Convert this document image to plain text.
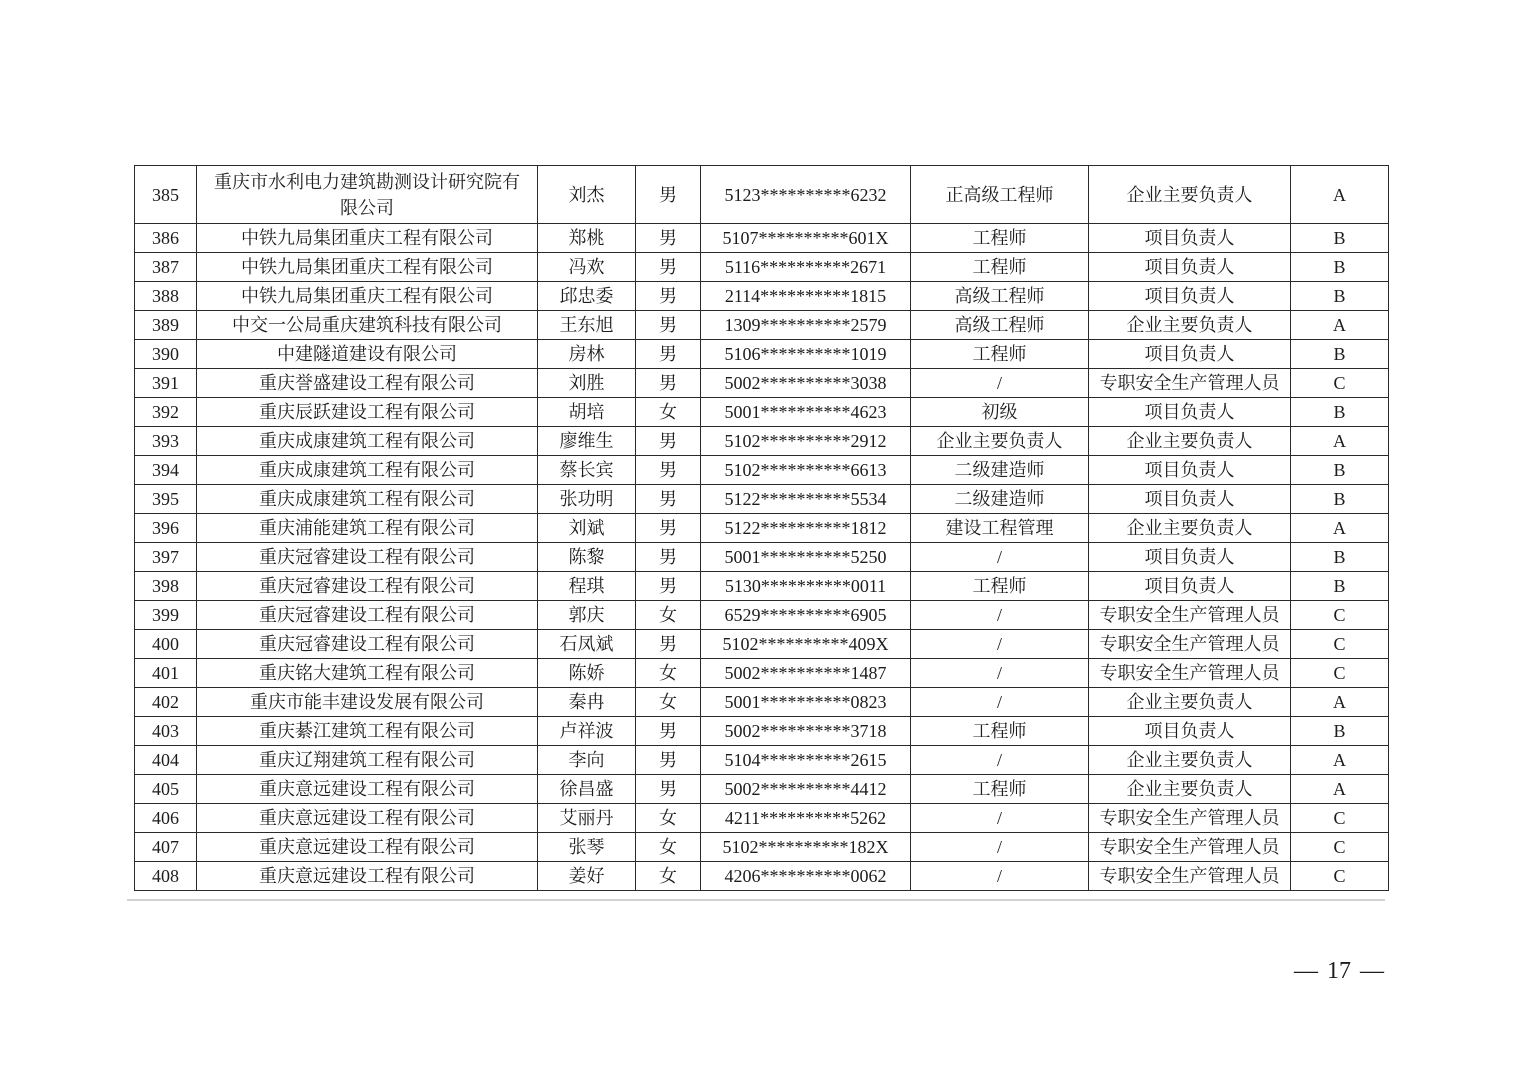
385	重庆市水利电力建筑勘测设计研究院有限公司	刘杰	男	5123**********6232	正高级工程师	企业主要负责人	A
386	中铁九局集团重庆工程有限公司	郑桃	男	5107**********601X	工程师	项目负责人	B
387	中铁九局集团重庆工程有限公司	冯欢	男	5116**********2671	工程师	项目负责人	B
388	中铁九局集团重庆工程有限公司	邱忠委	男	2114**********1815	高级工程师	项目负责人	B
389	中交一公局重庆建筑科技有限公司	王东旭	男	1309**********2579	高级工程师	企业主要负责人	A
390	中建隧道建设有限公司	房林	男	5106**********1019	工程师	项目负责人	B
391	重庆誉盛建设工程有限公司	刘胜	男	5002**********3038	/	专职安全生产管理人员	C
392	重庆辰跃建设工程有限公司	胡培	女	5001**********4623	初级	项目负责人	B
393	重庆成康建筑工程有限公司	廖维生	男	5102**********2912	企业主要负责人	企业主要负责人	A
394	重庆成康建筑工程有限公司	蔡长宾	男	5102**********6613	二级建造师	项目负责人	B
395	重庆成康建筑工程有限公司	张功明	男	5122**********5534	二级建造师	项目负责人	B
396	重庆浦能建筑工程有限公司	刘斌	男	5122**********1812	建设工程管理	企业主要负责人	A
397	重庆冠睿建设工程有限公司	陈黎	男	5001**********5250	/	项目负责人	B
398	重庆冠睿建设工程有限公司	程琪	男	5130**********0011	工程师	项目负责人	B
399	重庆冠睿建设工程有限公司	郭庆	女	6529**********6905	/	专职安全生产管理人员	C
400	重庆冠睿建设工程有限公司	石凤斌	男	5102**********409X	/	专职安全生产管理人员	C
401	重庆铭大建筑工程有限公司	陈娇	女	5002**********1487	/	专职安全生产管理人员	C
402	重庆市能丰建设发展有限公司	秦冉	女	5001**********0823	/	企业主要负责人	A
403	重庆綦江建筑工程有限公司	卢祥波	男	5002**********3718	工程师	项目负责人	B
404	重庆辽翔建筑工程有限公司	李向	男	5104**********2615	/	企业主要负责人	A
405	重庆意远建设工程有限公司	徐昌盛	男	5002**********4412	工程师	企业主要负责人	A
406	重庆意远建设工程有限公司	艾丽丹	女	4211**********5262	/	专职安全生产管理人员	C
407	重庆意远建设工程有限公司	张琴	女	5102**********182X	/	专职安全生产管理人员	C
408	重庆意远建设工程有限公司	姜好	女	4206**********0062	/	专职安全生产管理人员	C
— 17 —
